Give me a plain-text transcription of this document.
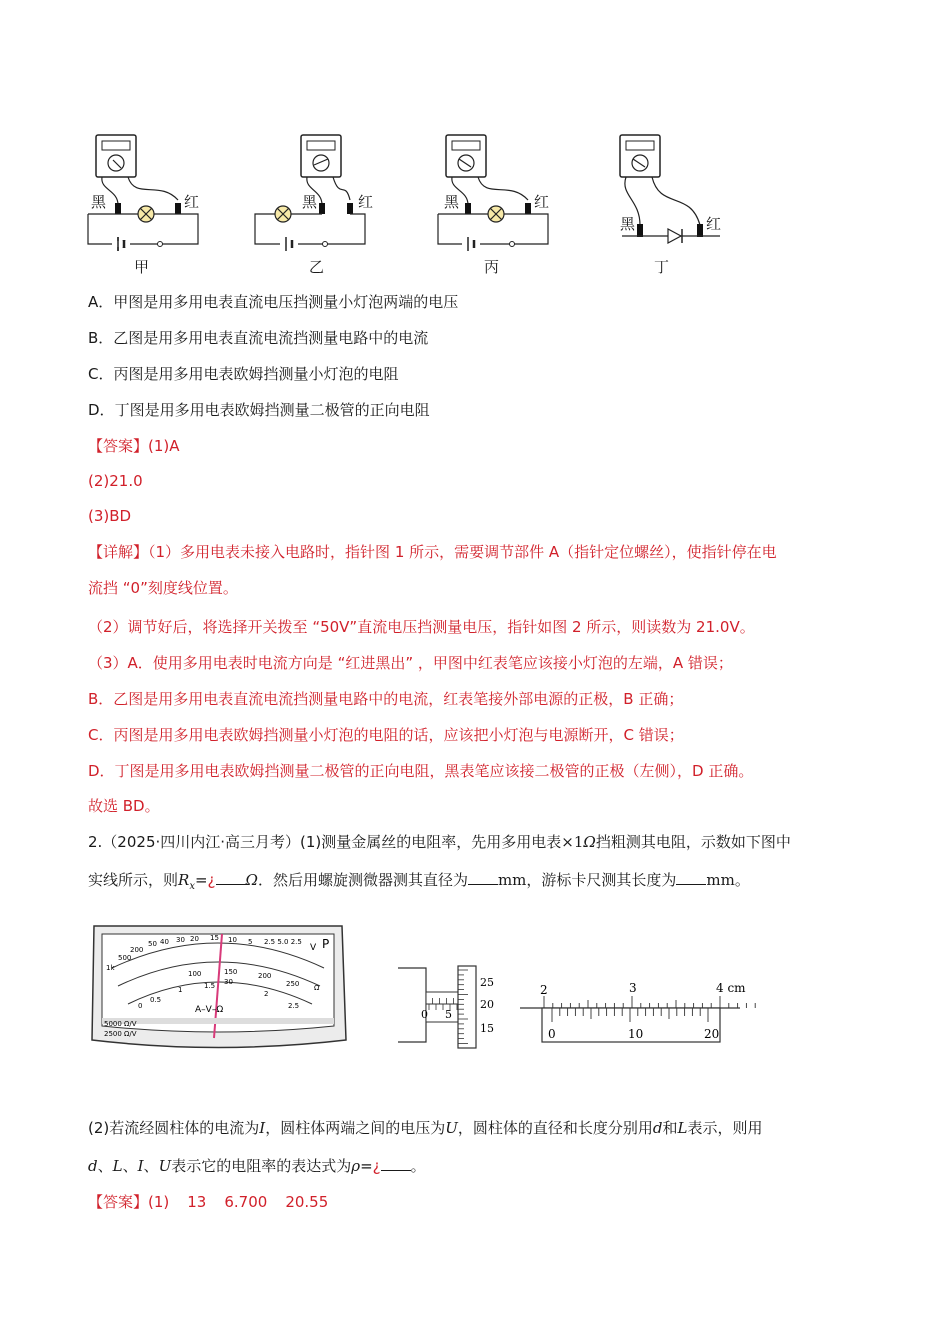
黑	红	黑	红	黑	红
黑	红
甲	乙	丙	丁
A．甲图是用多用电表直流电压挡测量小灯泡两端的电压
B．乙图是用多用电表直流电流挡测量电路中的电流
C．丙图是用多用电表欧姆挡测量小灯泡的电阻
D．丁图是用多用电表欧姆挡测量二极管的正向电阻
【答案】(1)A
(2)21.0
(3)BD
【详解】（1）多用电表未接入电路时，指针图 1 所示，需要调节部件 A（指针定位螺丝），使指针停在电
流挡 “0”刻度线位置。
（2）调节好后，将选择开关拨至 “50V”直流电压挡测量电压，指针如图 2 所示，则读数为 21.0V。
（3）A．使用多用电表时电流方向是 “红进黑出” ，甲图中红表笔应该接小灯泡的左端，A 错误；
B．乙图是用多用电表直流电流挡测量电路中的电流，红表笔接外部电源的正极，B 正确；
C．丙图是用多用电表欧姆挡测量小灯泡的电阻的话，应该把小灯泡与电源断开，C 错误；
D．丁图是用多用电表欧姆挡测量二极管的正向电阻，黑表笔应该接二极管的正极（左侧），D 正确。
故选 BD。
2.（2025·四川内江·高三月考）(1)测量金属丝的电阻率，先用多用电表×1Ω挡粗测其电阻，示数如下图中
实线所示，则$R_x=¿$ Ω．然后用螺旋测微器测其直径为 mm，游标卡尺测其长度为 mm。
1k
500
200
50 40 30 20 15 10 5 2.5 5.0 2.5
V P
150	200
250
100
30
Ω
0
0.5
1	1.5
2
2.5
A–V–Ω
5000 Ω/V
2500 Ω/V
25
20
15
0 5
2	3	4 cm
0	10	20
(2)若流经圆柱体的电流为I，圆柱体两端之间的电压为U，圆柱体的直径和长度分别用d和L表示，则用
d、L、I、U表示它的电阻率的表达式为ρ=¿ 。
【答案】(1) 13 6.700 20.55
